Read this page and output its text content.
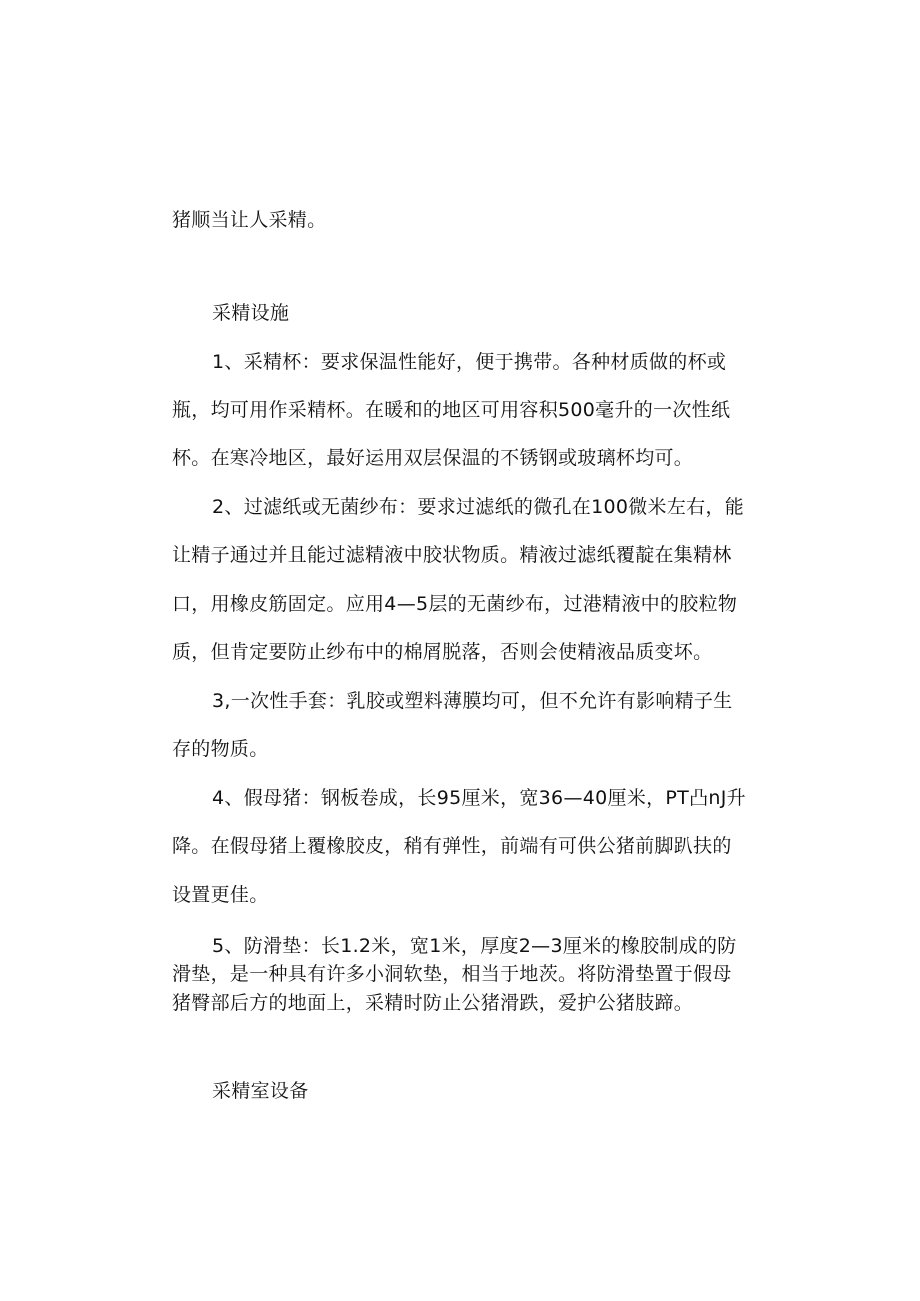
猪顺当让人采精。
采精设施
1、采精杯：要求保温性能好，便于携带。各种材质做的杯或
瓶，均可用作采精杯。在暖和的地区可用容积500毫升的一次性纸
杯。在寒冷地区，最好运用双层保温的不锈钢或玻璃杯均可。
2、过滤纸或无菌纱布：要求过滤纸的微孔在100微米左右，能
让精子通过并且能过滤精液中胶状物质。精液过滤纸覆靛在集精林
口，用橡皮筋固定。应用4—5层的无菌纱布，过港精液中的胶粒物
质，但肯定要防止纱布中的棉屑脱落，否则会使精液品质变坏。
3,一次性手套：乳胶或塑料薄膜均可，但不允许有影响精子生
存的物质。
4、假母猪：钢板卷成，长95厘米，宽36—40厘米，PT凸nJ升
降。在假母猪上覆橡胶皮，稍有弹性，前端有可供公猪前脚趴扶的
设置更佳。
5、防滑垫：长1.2米，宽1米，厚度2—3厘米的橡胶制成的防
滑垫，是一种具有许多小洞软垫，相当于地茨。将防滑垫置于假母
猪臀部后方的地面上，采精时防止公猪滑跌，爱护公猪肢蹄。
采精室设备
